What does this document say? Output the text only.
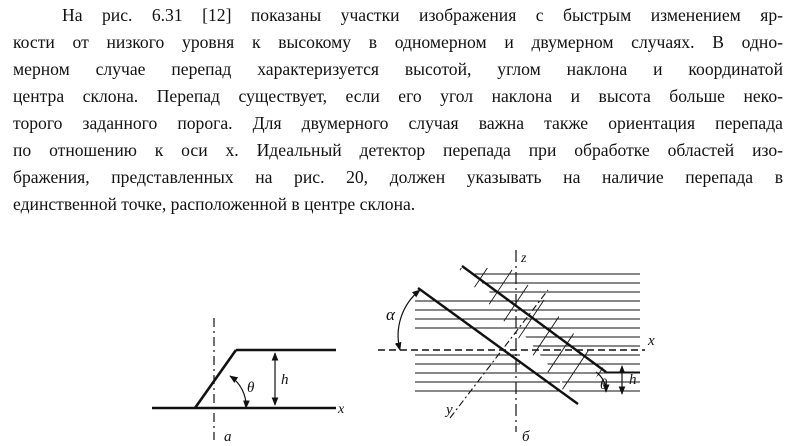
На рис. 6.31 [12] показаны участки изображения с быстрым изменением яр-
кости от низкого уровня к высокому в одномерном и двумерном случаях. В одно-
мерном случае перепад характеризуется высотой, углом наклона и координатой
центра склона. Перепад существует, если его угол наклона и высота больше неко-
торого заданного порога. Для двумерного случая важна также ориентация перепада
по отношению к оси x. Идеальный детектор перепада при обработке областей изо-
бражения, представленных на рис. 20, должен указывать на наличие перепада в
единственной точке, расположенной в центре склона.
θ h
x
а
z
α
x
y
θ h
б
